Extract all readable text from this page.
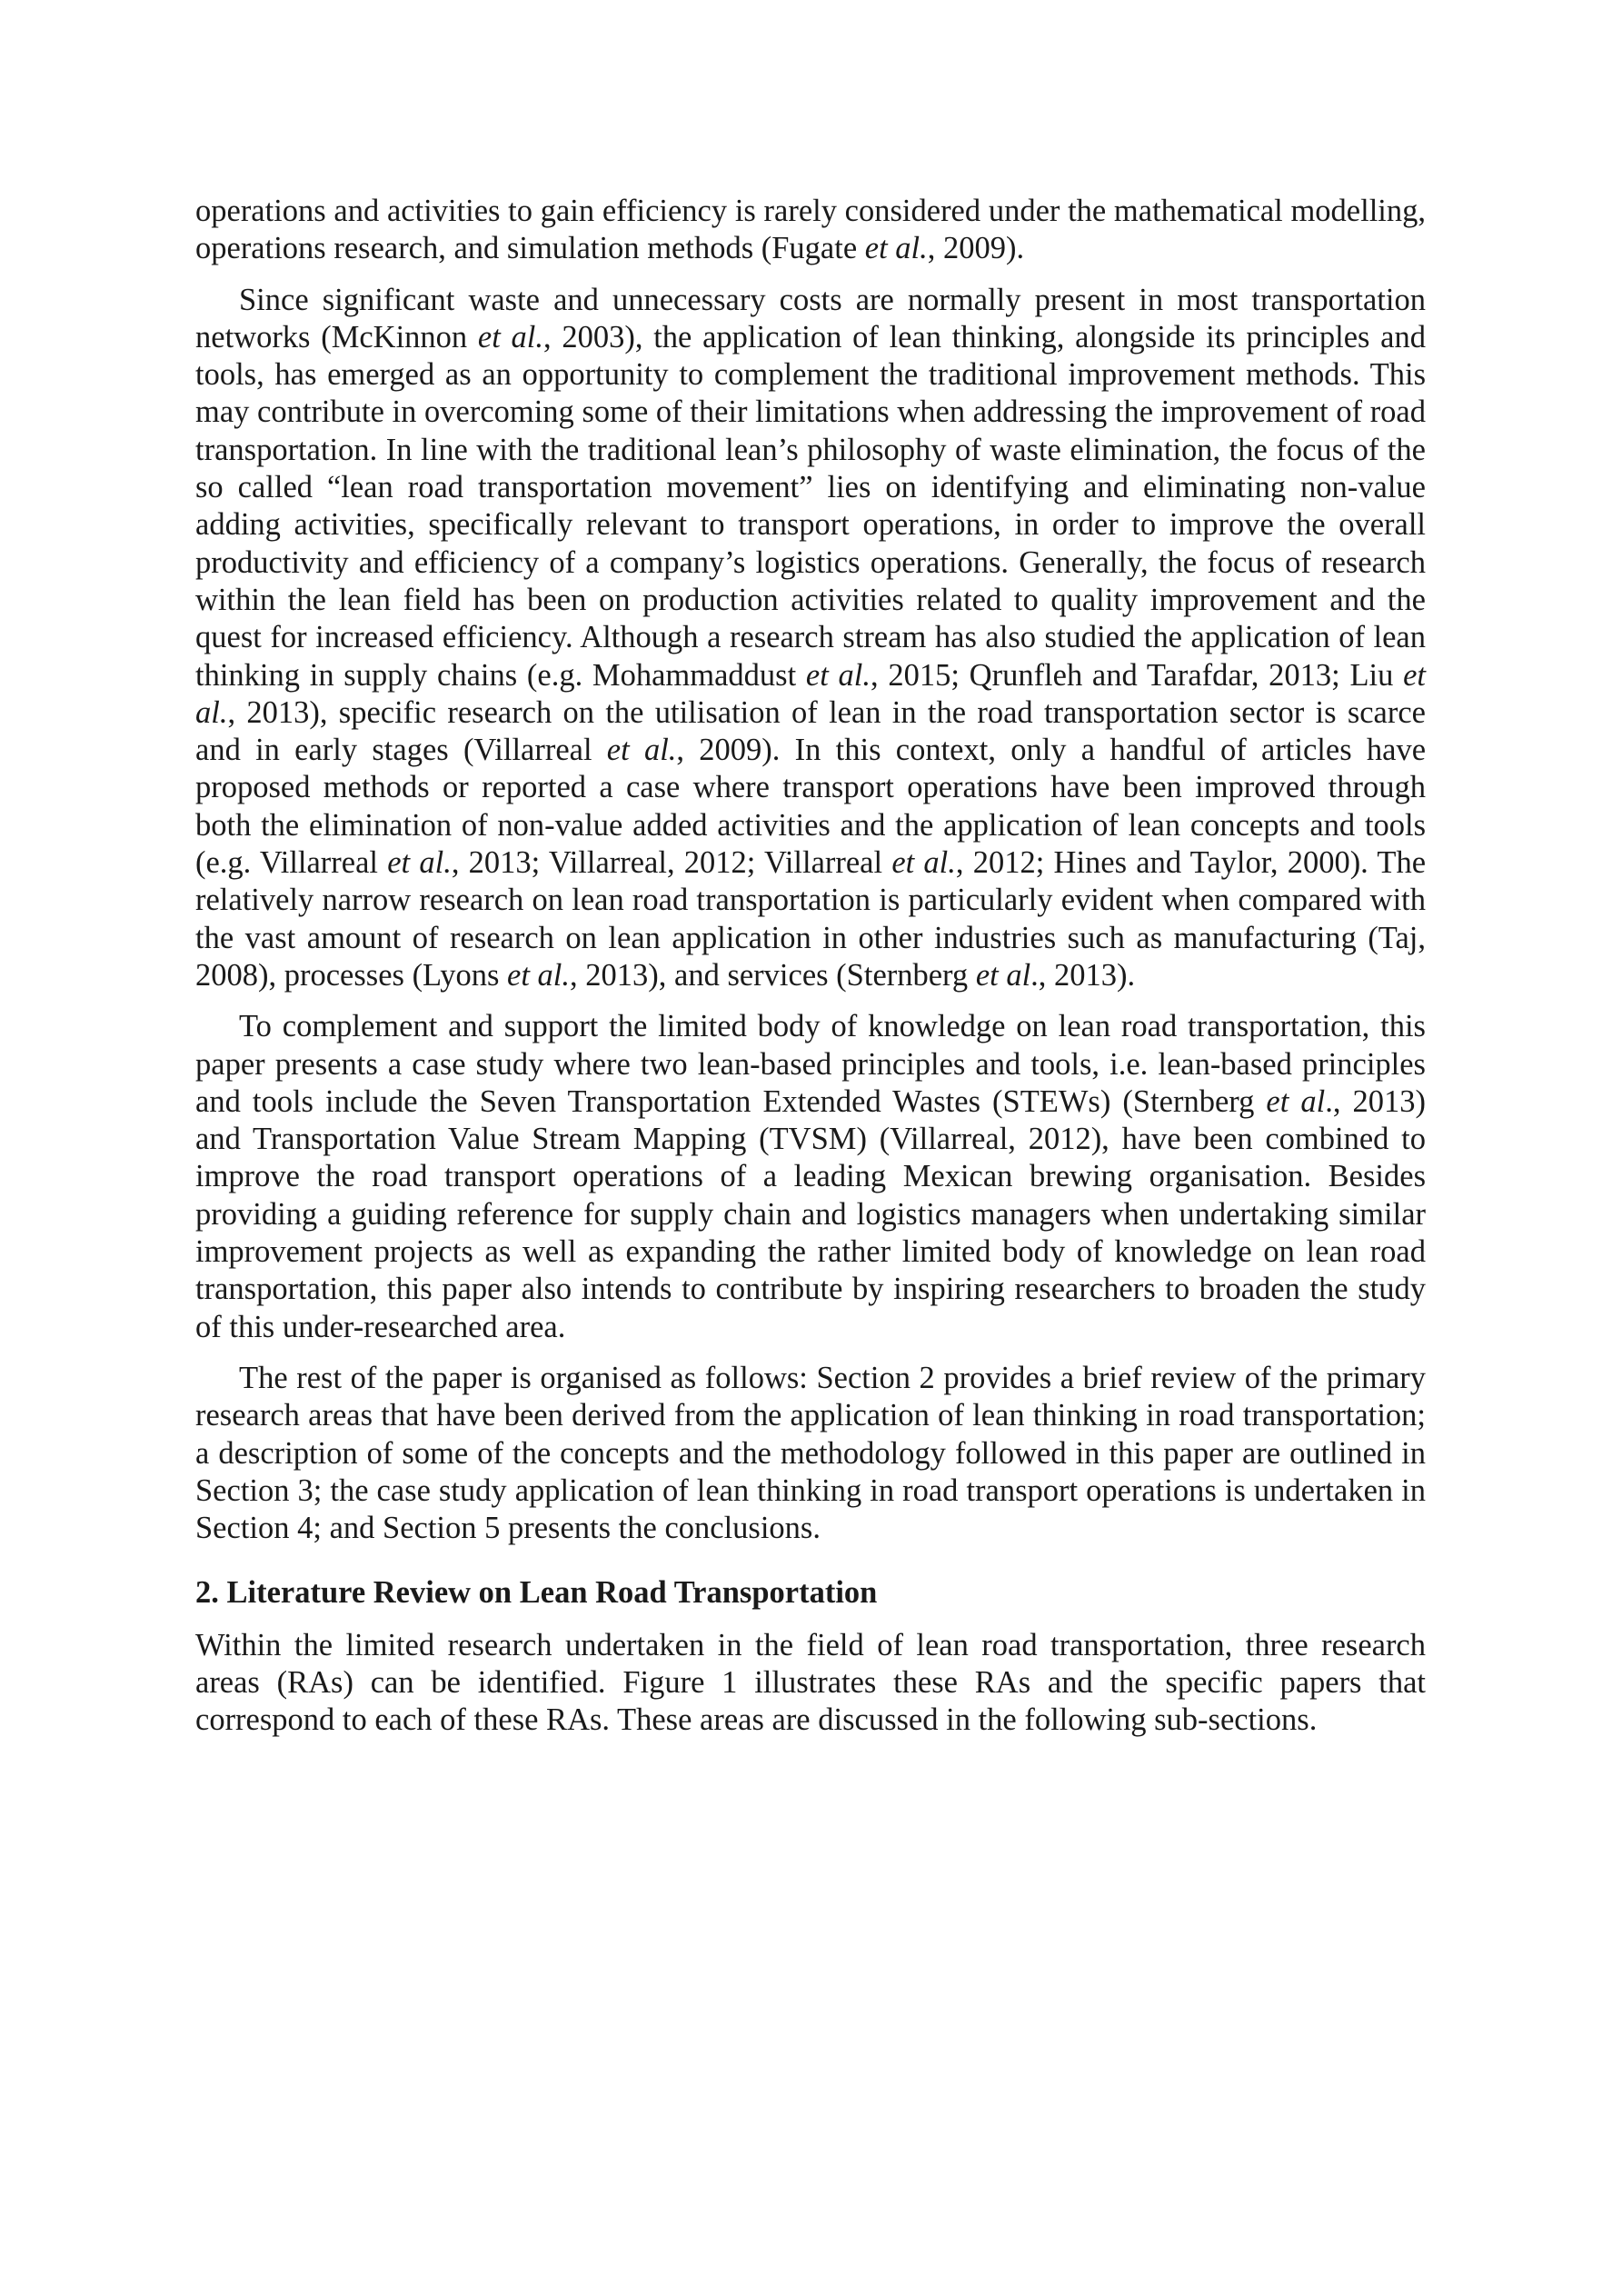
operations and activities to gain efficiency is rarely considered under the mathematical modelling, operations research, and simulation methods (Fugate et al., 2009).

Since significant waste and unnecessary costs are normally present in most transportation networks (McKinnon et al., 2003), the application of lean thinking, alongside its principles and tools, has emerged as an opportunity to complement the traditional improvement methods. This may contribute in overcoming some of their limitations when addressing the improvement of road transportation. In line with the traditional lean’s philosophy of waste elimination, the focus of the so called “lean road transportation movement” lies on identifying and eliminating non-value adding activities, specifically relevant to transport operations, in order to improve the overall productivity and efficiency of a company’s logistics operations. Generally, the focus of research within the lean field has been on production activities related to quality improvement and the quest for increased efficiency. Although a research stream has also studied the application of lean thinking in supply chains (e.g. Mohammaddust et al., 2015; Qrunfleh and Tarafdar, 2013; Liu et al., 2013), specific research on the utilisation of lean in the road transportation sector is scarce and in early stages (Villarreal et al., 2009). In this context, only a handful of articles have proposed methods or reported a case where transport operations have been improved through both the elimination of non-value added activities and the application of lean concepts and tools (e.g. Villarreal et al., 2013; Villarreal, 2012; Villarreal et al., 2012; Hines and Taylor, 2000). The relatively narrow research on lean road transportation is particularly evident when compared with the vast amount of research on lean application in other industries such as manufacturing (Taj, 2008), processes (Lyons et al., 2013), and services (Sternberg et al., 2013).

To complement and support the limited body of knowledge on lean road transportation, this paper presents a case study where two lean-based principles and tools, i.e. lean-based principles and tools include the Seven Transportation Extended Wastes (STEWs) (Sternberg et al., 2013) and Transportation Value Stream Mapping (TVSM) (Villarreal, 2012), have been combined to improve the road transport operations of a leading Mexican brewing organisation. Besides providing a guiding reference for supply chain and logistics managers when undertaking similar improvement projects as well as expanding the rather limited body of knowledge on lean road transportation, this paper also intends to contribute by inspiring researchers to broaden the study of this under-researched area.

The rest of the paper is organised as follows: Section 2 provides a brief review of the primary research areas that have been derived from the application of lean thinking in road transportation; a description of some of the concepts and the methodology followed in this paper are outlined in Section 3; the case study application of lean thinking in road transport operations is undertaken in Section 4; and Section 5 presents the conclusions.

2. Literature Review on Lean Road Transportation

Within the limited research undertaken in the field of lean road transportation, three research areas (RAs) can be identified. Figure 1 illustrates these RAs and the specific papers that correspond to each of these RAs. These areas are discussed in the following sub-sections.
